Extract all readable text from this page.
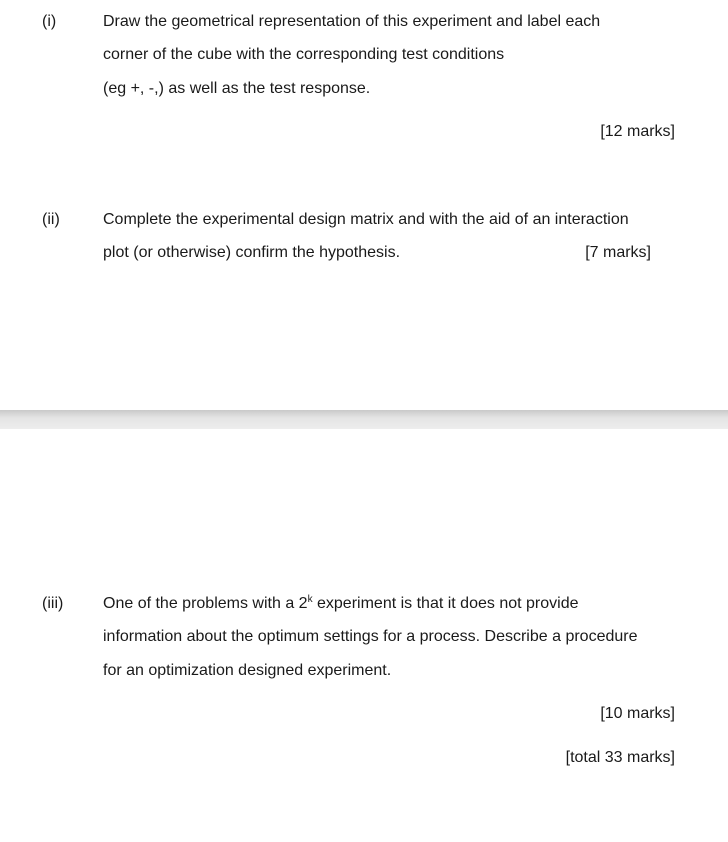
(i)	Draw the geometrical representation of this experiment and label each
corner of the cube with the corresponding test conditions
(eg +, -,) as well as the test response.
[12 marks]
(ii)	Complete the experimental design matrix and with the aid of an interaction
plot (or otherwise) confirm the hypothesis.	[7 marks]
(iii) One of the problems with a 2$^k$ experiment is that it does not provide
information about the optimum settings for a process. Describe a procedure
for an optimization designed experiment.
[10 marks]
[total 33 marks]
